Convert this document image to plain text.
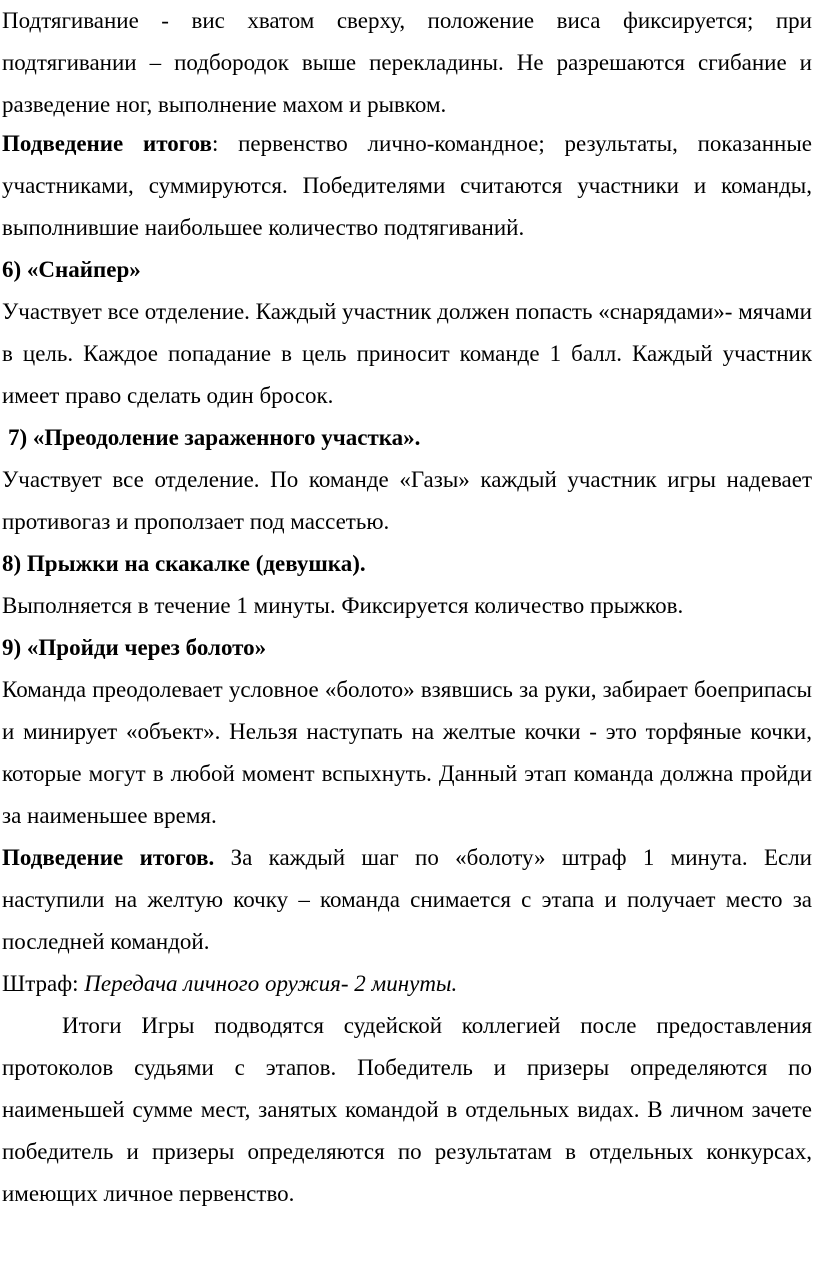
Подтягивание - вис хватом сверху, положение виса фиксируется; при подтягивании – подбородок выше перекладины. Не разрешаются сгибание и разведение ног, выполнение махом и рывком.

Подведение итогов: первенство лично-командное; результаты, показанные участниками, суммируются. Победителями считаются участники и команды, выполнившие наибольшее количество подтягиваний.

6) «Снайпер»

Участвует все отделение. Каждый участник должен попасть «снарядами»- мячами в цель. Каждое попадание в цель приносит команде 1 балл. Каждый участник имеет право сделать один бросок.

7) «Преодоление зараженного участка».

Участвует все отделение. По команде «Газы» каждый участник игры надевает противогаз и проползает под массетью.

8) Прыжки на скакалке (девушка).

Выполняется в течение 1 минуты. Фиксируется количество прыжков.

9) «Пройди через болото»

Команда преодолевает условное «болото» взявшись за руки, забирает боеприпасы и минирует «объект». Нельзя наступать на желтые кочки - это торфяные кочки, которые могут в любой момент вспыхнуть. Данный этап команда должна пройди за наименьшее время.

Подведение итогов. За каждый шаг по «болоту» штраф 1 минута. Если наступили на желтую кочку – команда снимается с этапа и получает место за последней командой.

Штраф: Передача личного оружия- 2 минуты.

Итоги Игры подводятся судейской коллегией после предоставления протоколов судьями с этапов. Победитель и призеры определяются по наименьшей сумме мест, занятых командой в отдельных видах. В личном зачете победитель и призеры определяются по результатам в отдельных конкурсах, имеющих личное первенство.
